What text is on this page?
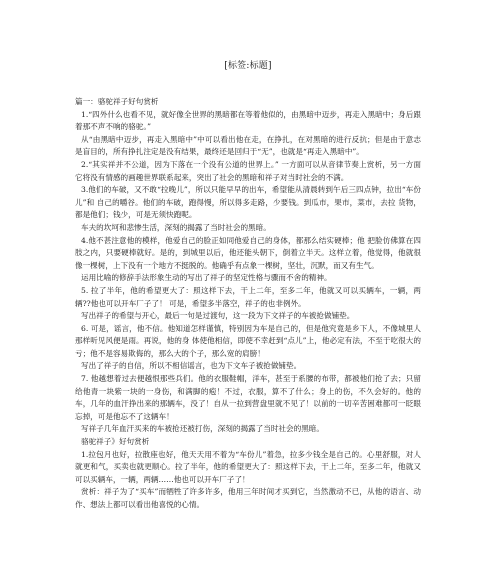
[标签:标题]

篇一：骆驼祥子好句赏析

1.“四外什么也看不见，就好像全世界的黑暗都在等着他似的，由黑暗中迈步，再走入黑暗中；身后跟着那不声不响的骆驼。”

从“由黑暗中迈步，再走入黑暗中”中可以看出他在走，在挣扎，在对黑暗的进行反抗；但是由于意志是盲目的，所有挣扎注定是没有结果，最终还是回归于“无”，也就是“再走入黑暗中”。

2.“其实祥并不公道，因为下落在一个没有公道的世界上。” 一方面可以从音律节奏上赏析，另一方面它将没有情感的画趣世界联系起来，突出了社会的黑暗和祥子对当时社会的不满。

3.他们的车破，又不敢“拉晚儿”，所以只能早早的出车，希望能从清晨转到午后三四点钟，拉出“车份儿”和 自己的嚼谷。他们的车破，跑得慢，所以得多走路，少要钱。到瓜市，果市，菜市，去拉 货物，都是他们；钱少，可是无须快跑呢。

车夫的坎坷和悲惨生活，深刻的揭露了当时社会的黑暗。

4.他不甚注意他的模样，他爱自己的脸正如同他爱自己的身体，都那么结实硬棒；他 把脸仿佛算在四肢之内，只要硬棒就好。是的，到城里以后，他还能头朝下，倒着立半天。这样立着，他觉得，他就很像一棵树，上下没有一个地方不挺脱的。他确乎有点象一棵树，坚壮，沉默，而又有生气。

运用比喻的修辞手法形象生动的写出了祥子的坚定性格与骤而不舍的精神。

5. 拉了半年，他的希望更大了：照这样下去，干上二年，至多二年，他就又可以买辆车，一辆，两辆??他也可以开车厂子了！ 可是，希望多半落空，祥子的也非例外。

写出祥子的希望与开心，最后一句是过渡句，这一段为下文祥子的车被抢做铺垫。

6. 可是，谣言，他不信。他知道怎样谨慎，特别因为车是自己的，但是他究竟是乡下人，不像城里人那样听见风便是雨。再说，他的身 体使他相信，即使不幸赶到“点儿”上，他必定有法，不至于吃很大的亏；他不是容易欺侮的，那么大的个子，那么宽的肩膀！

写出了祥子的自信，所以不相信谣言，也为下文车子被抢做铺垫。

7. 他越想着过去便越恨那些兵们。他的衣服鞋帽，洋车，甚至于系腰的布带，都被他们抢了去；只留给他青一块紫一块的一身伤，和满脚的疱！不过，衣服，算不了什么；身上的伤，不久会好的。他的车，几年的血汗挣出来的那辆车，没了！自从一拉到营盘里就不见了！以前的一切辛苦困难都可一眨眼忘掉，可是他忘不了这辆车！

写祥子几年血汗买来的车被抢还被打伤，深刻的揭露了当时社会的黑暗。

骆驼祥子》好句赏析

1.拉包月也好，拉散座也好，他天天用不着为“车份儿”着急，拉多少钱全是自己的。心里舒服，对人就更和气，买卖也就更顺心。拉了半年，他的希望更大了：照这样下去，干上二年，至多二年，他就又可以买辆车，一辆，两辆……他也可以开车厂子了！

赏析：祥子为了“买车”而牺牲了许多许多，他用三年时间才买到它，当然激动不已，从他的语言、动作、想法上都可以看出他喜悦的心情。
